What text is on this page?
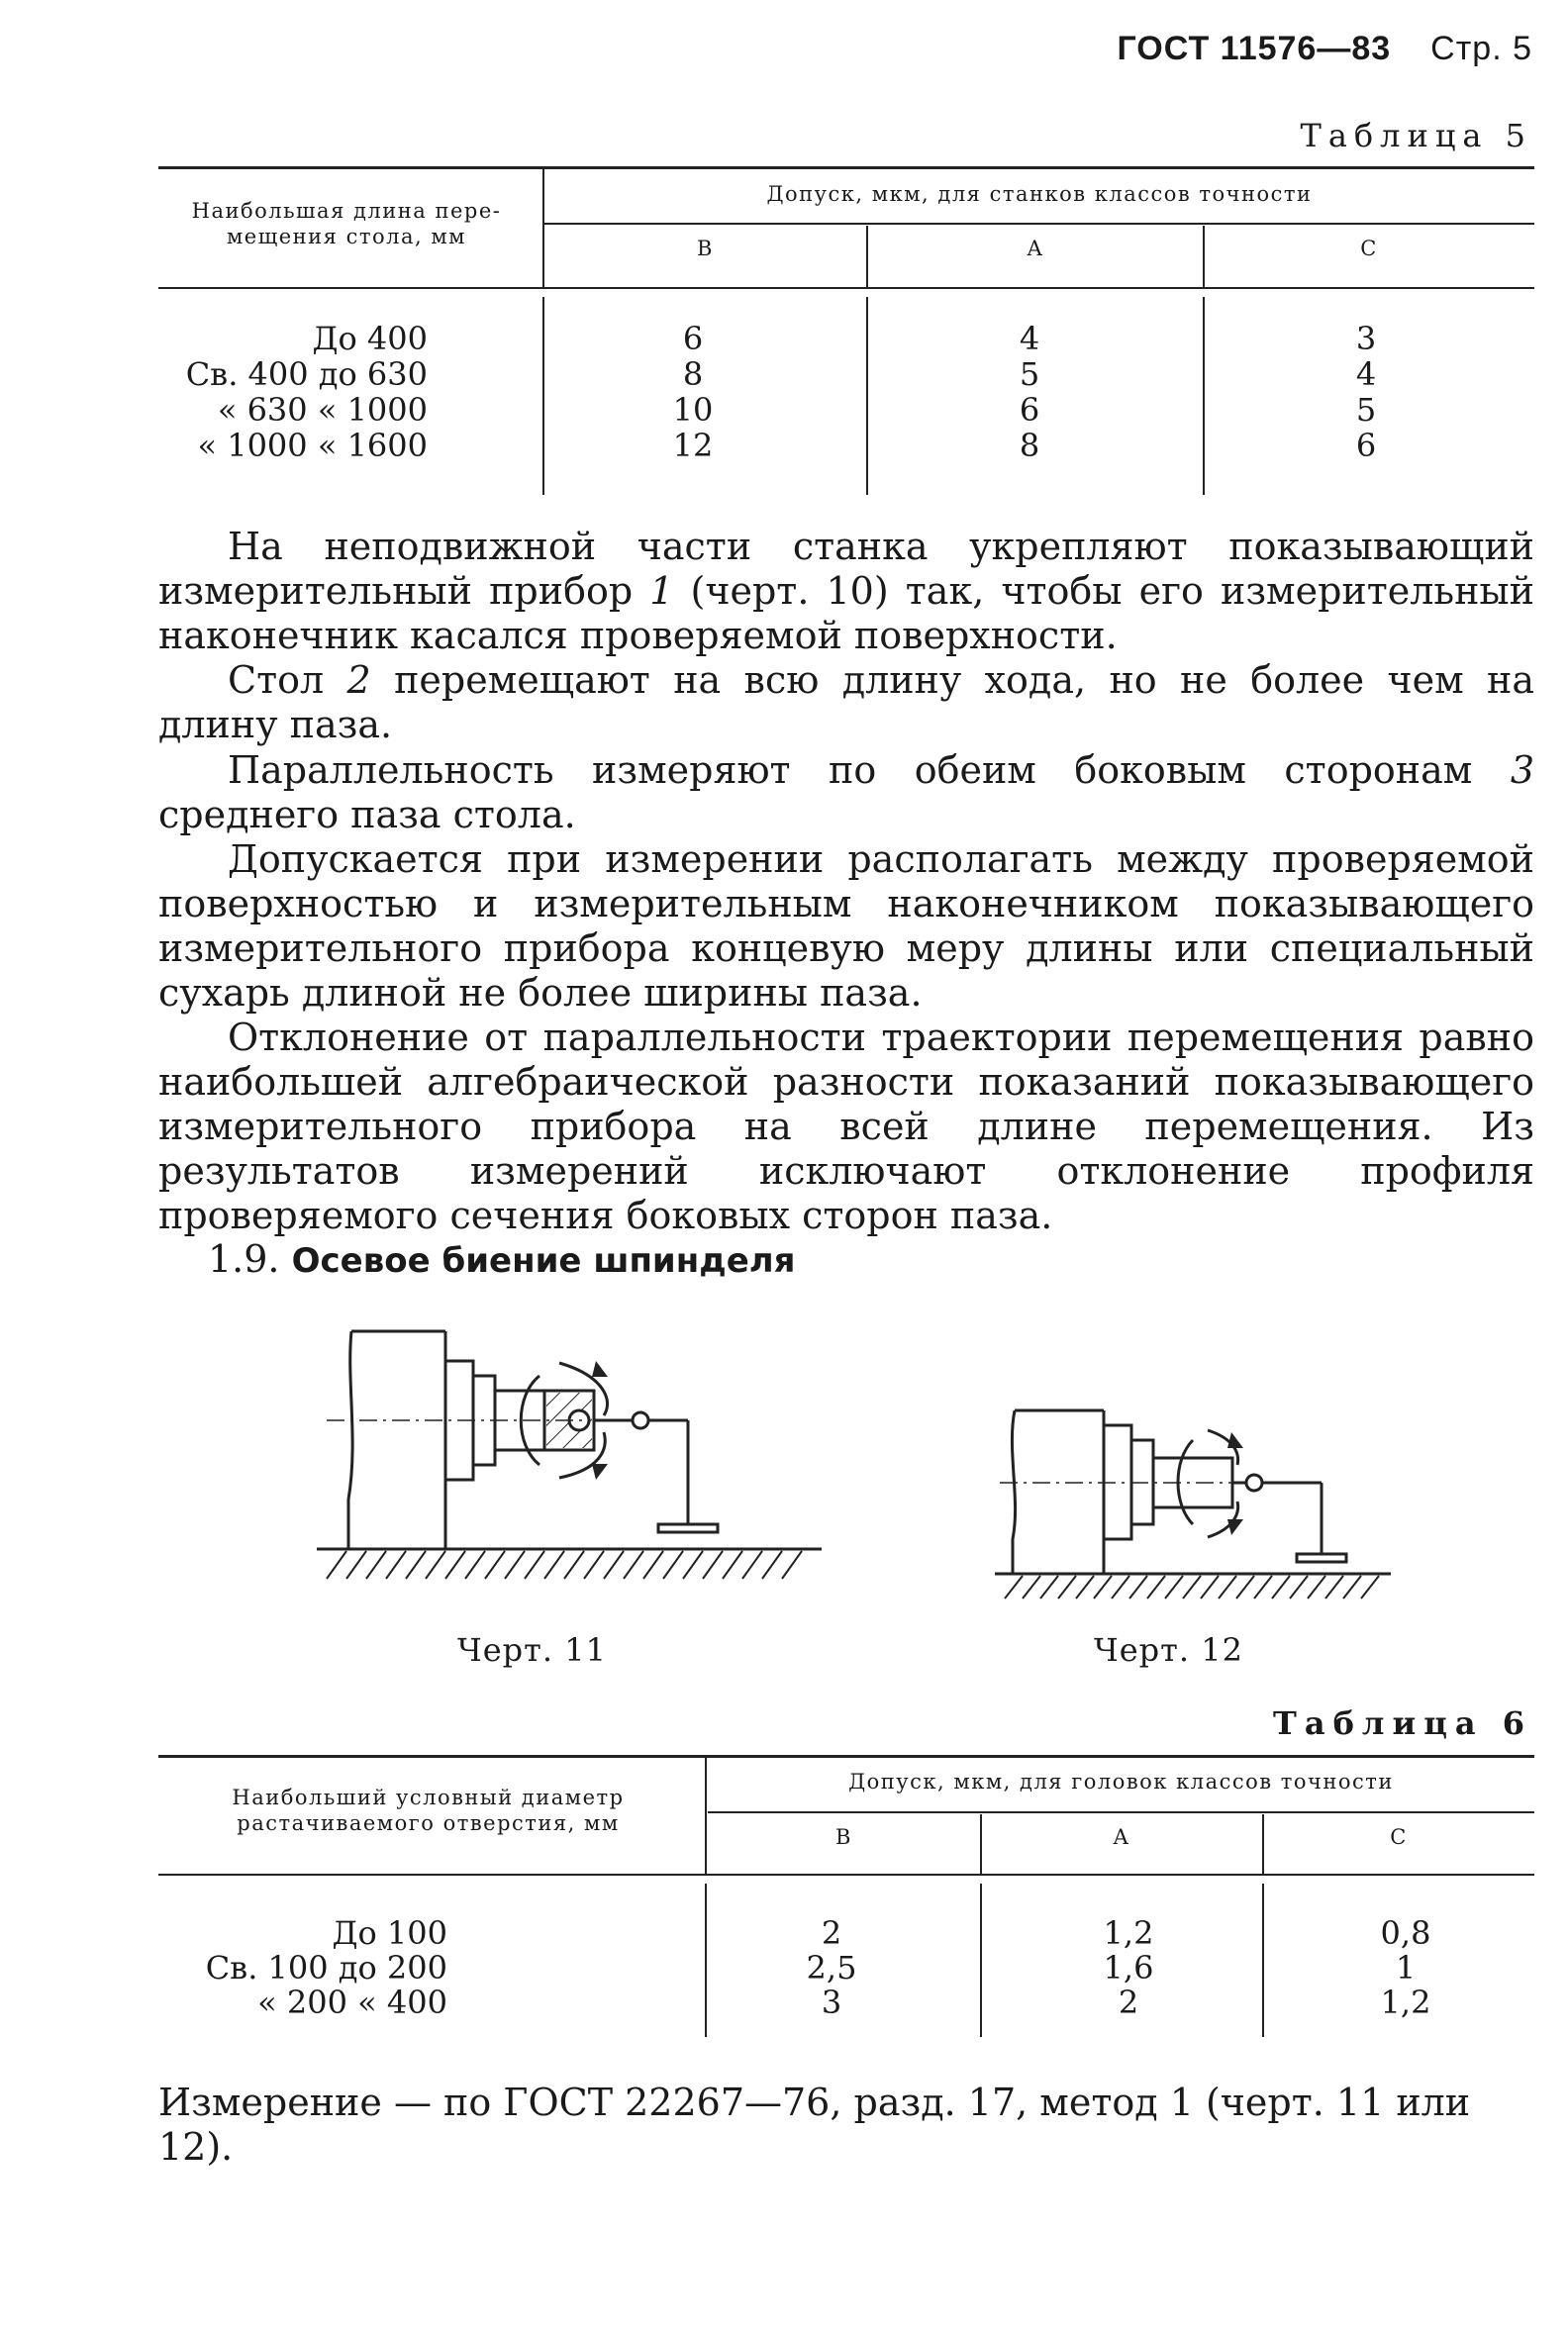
ГОСТ 11576—83 Стр. 5
Таблица 5
Наибольшая длина пере-мещения стола, мм
Допуск, мкм, для станков классов точности
В	А	С
До 400	6	4	3
Св. 400 до 630	8	5	4
« 630 « 1000	10	6	5
« 1000 « 1600	12	8	6

На неподвижной части станка укрепляют показывающий измерительный прибор 1 (черт. 10) так, чтобы его измерительный наконечник касался проверяемой поверхности.

Стол 2 перемещают на всю длину хода, но не более чем на длину паза.

Параллельность измеряют по обеим боковым сторонам 3 среднего паза стола.

Допускается при измерении располагать между проверяемой поверхностью и измерительным наконечником показывающего измерительного прибора концевую меру длины или специальный сухарь длиной не более ширины паза.

Отклонение от параллельности траектории перемещения равно наибольшей алгебраической разности показаний показывающего измерительного прибора на всей длине перемещения. Из результатов измерений исключают отклонение профиля проверяемого сечения боковых сторон паза.

1.9. Осевое биение шпинделя
Черт. 11	Черт. 12
Таблица 6
Наибольший условный диаметр растачиваемого отверстия, мм
Допуск, мкм, для головок классов точности
В	А	С
До 100	2	1,2	0,8
Св. 100 до 200	2,5	1,6	1
« 200 « 400	3	2	1,2

Измерение — по ГОСТ 22267—76, разд. 17, метод 1 (черт. 11 или 12).
